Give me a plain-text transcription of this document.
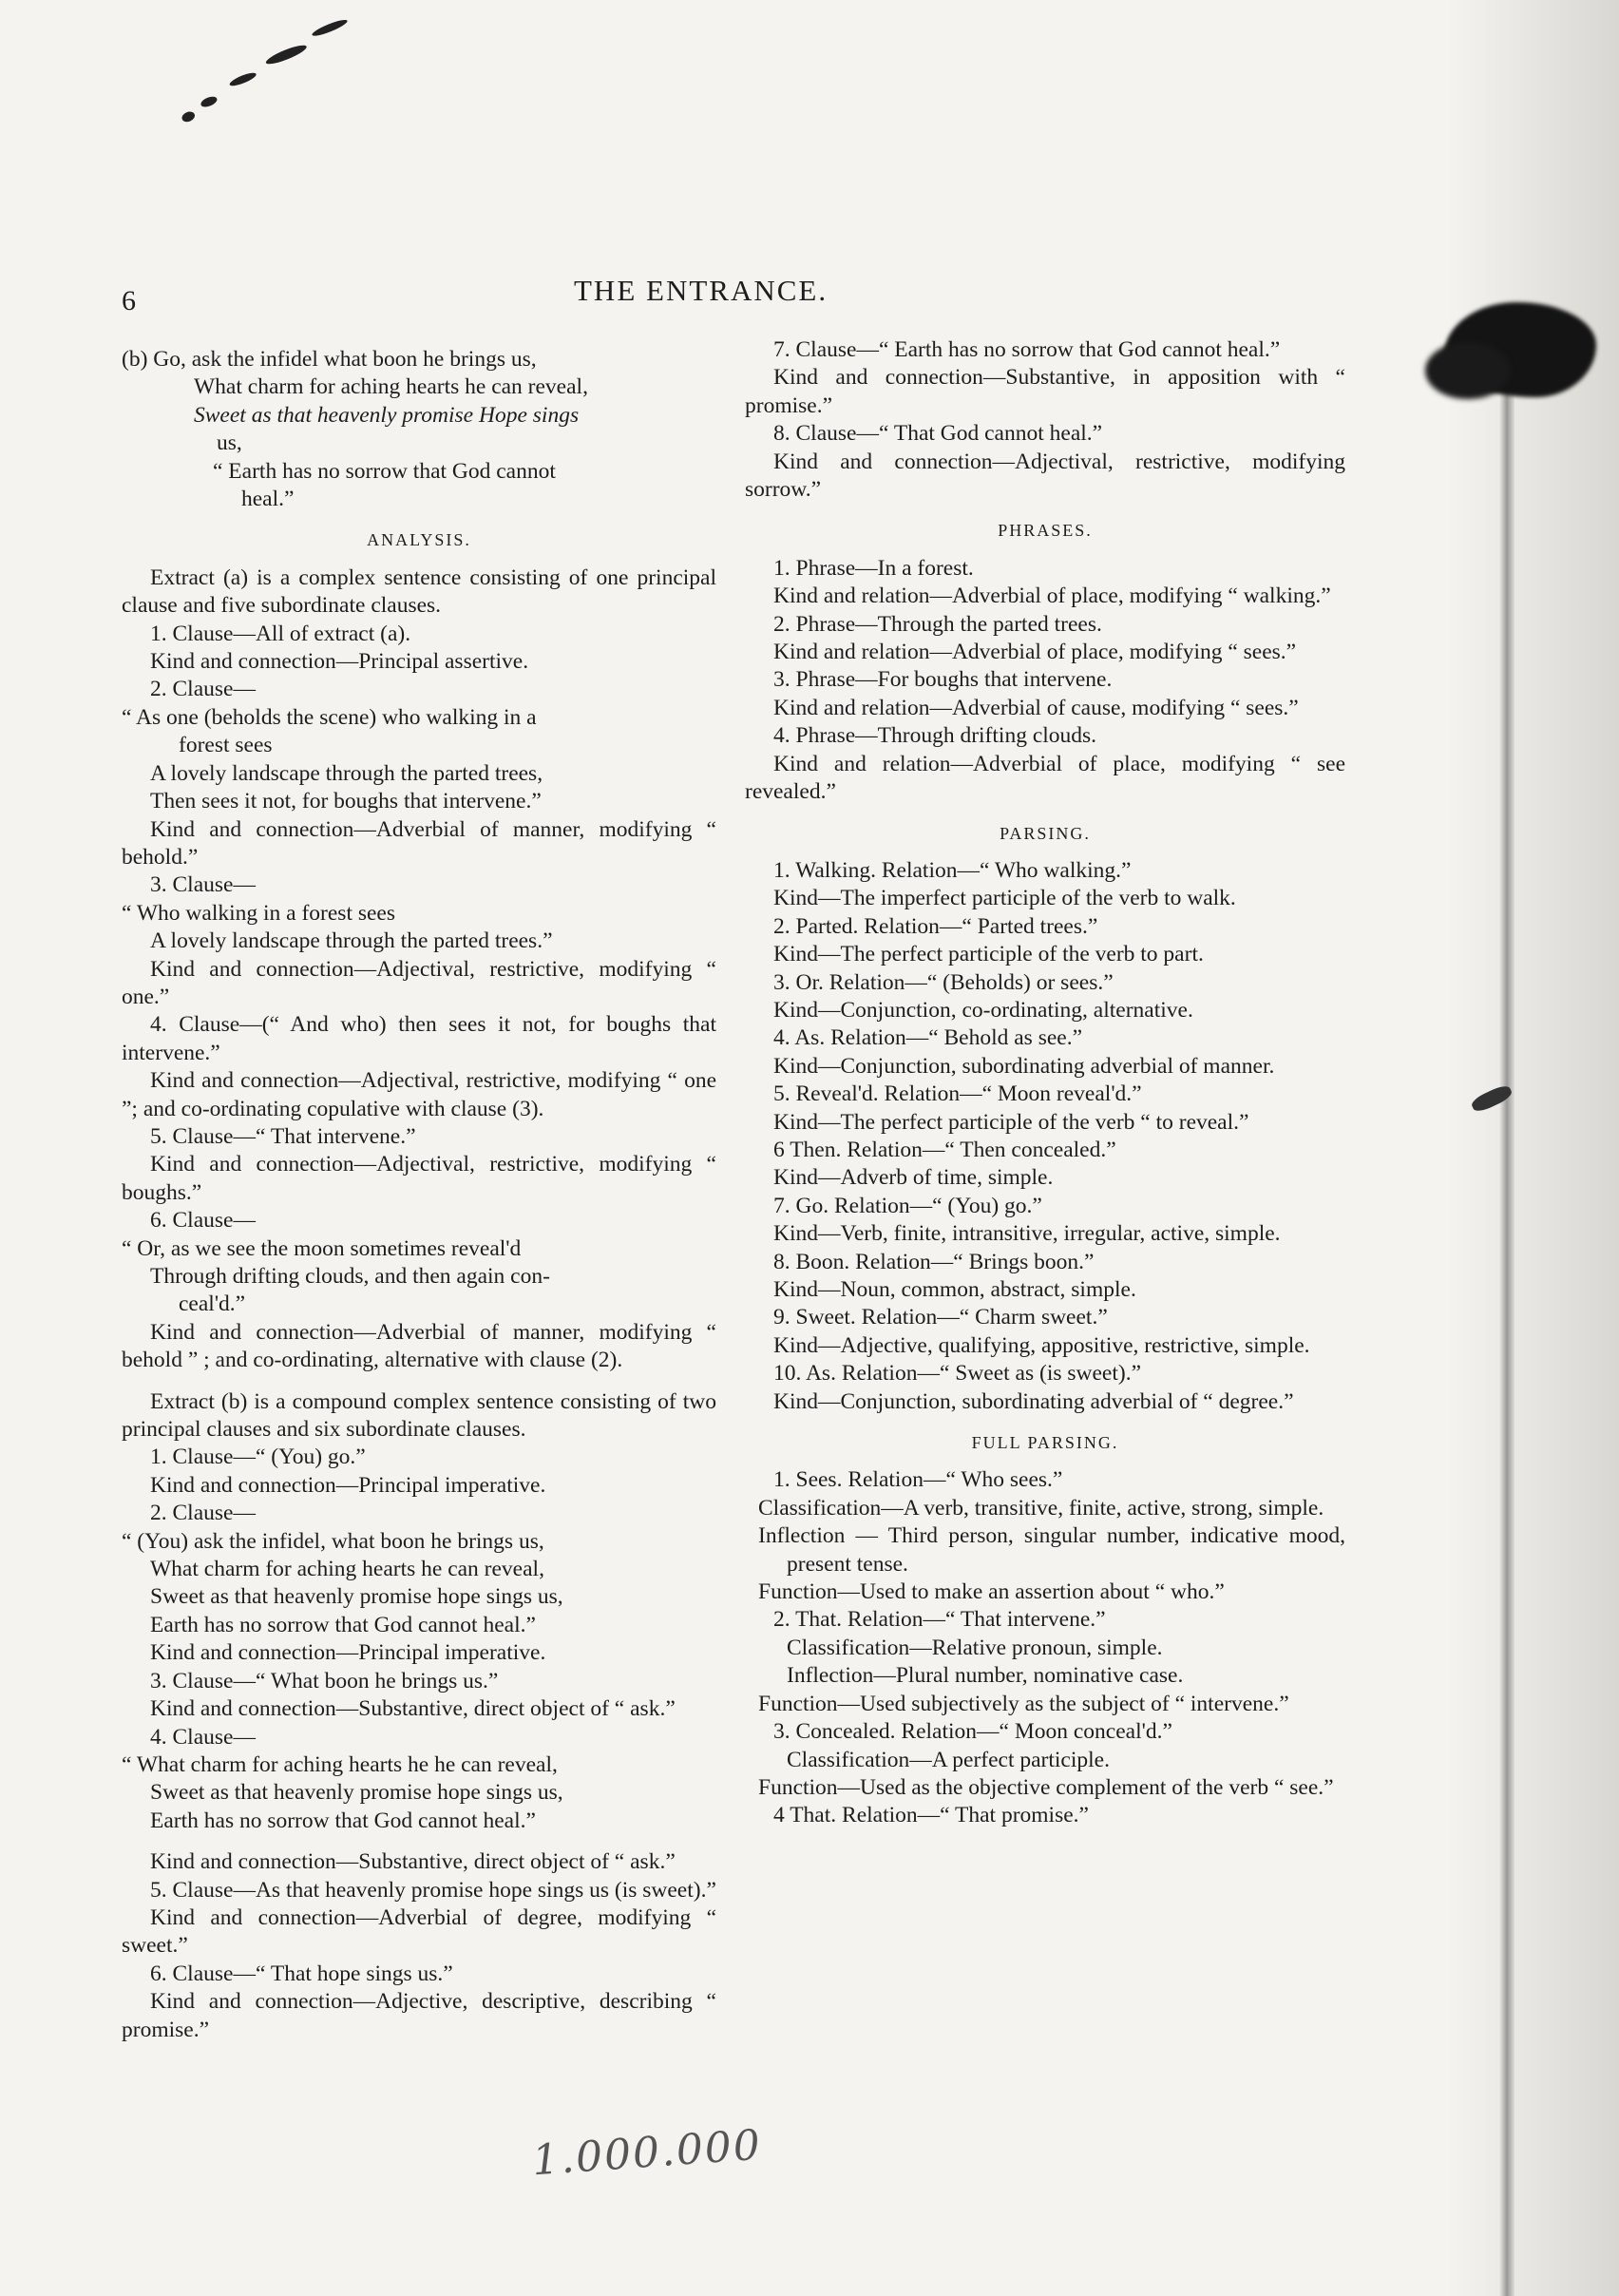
6	THE ENTRANCE.

(b) Go, ask the infidel what boon he brings us,

What charm for aching hearts he can reveal,

Sweet as that heavenly promise Hope sings

us,

“ Earth has no sorrow that God cannot

heal.”

ANALYSIS.

Extract (a) is a complex sentence consisting of one principal clause and five subordinate clauses.

1. Clause—All of extract (a).

Kind and connection—Principal assertive.

2. Clause—

“ As one (beholds the scene) who walking in a

forest sees

A lovely landscape through the parted trees,

Then sees it not, for boughs that intervene.”

Kind and connection—Adverbial of manner, modifying “ behold.”

3. Clause—

“ Who walking in a forest sees

A lovely landscape through the parted trees.”

Kind and connection—Adjectival, restrictive, modifying “ one.”

4. Clause—(“ And who) then sees it not, for boughs that intervene.”

Kind and connection—Adjectival, restrictive, modifying “ one ”; and co-ordinating copulative with clause (3).

5. Clause—“ That intervene.”

Kind and connection—Adjectival, restrictive, modifying “ boughs.”

6. Clause—

“ Or, as we see the moon sometimes reveal'd

Through drifting clouds, and then again con-

ceal'd.”

Kind and connection—Adverbial of manner, modifying “ behold ” ; and co-ordinating, alternative with clause (2).

Extract (b) is a compound complex sentence consisting of two principal clauses and six subordinate clauses.

1. Clause—“ (You) go.”

Kind and connection—Principal imperative.

2. Clause—

“ (You) ask the infidel, what boon he brings us,

What charm for aching hearts he can reveal,

Sweet as that heavenly promise hope sings us,

Earth has no sorrow that God cannot heal.”

Kind and connection—Principal imperative.

3. Clause—“ What boon he brings us.”

Kind and connection—Substantive, direct object of “ ask.”

4. Clause—

“ What charm for aching hearts he he can reveal,

Sweet as that heavenly promise hope sings us,

Earth has no sorrow that God cannot heal.”

Kind and connection—Substantive, direct object of “ ask.”

5. Clause—As that heavenly promise hope sings us (is sweet).”

Kind and connection—Adverbial of degree, modifying “ sweet.”

6. Clause—“ That hope sings us.”

Kind and connection—Adjective, descriptive, describing “ promise.”

7. Clause—“ Earth has no sorrow that God cannot heal.”

Kind and connection—Substantive, in apposition with “ promise.”

8. Clause—“ That God cannot heal.”

Kind and connection—Adjectival, restrictive, modifying sorrow.”

PHRASES.

1. Phrase—In a forest.

Kind and relation—Adverbial of place, modifying “ walking.”

2. Phrase—Through the parted trees.

Kind and relation—Adverbial of place, modifying “ sees.”

3. Phrase—For boughs that intervene.

Kind and relation—Adverbial of cause, modifying “ sees.”

4. Phrase—Through drifting clouds.

Kind and relation—Adverbial of place, modifying “ see revealed.”

PARSING.

1. Walking. Relation—“ Who walking.”

Kind—The imperfect participle of the verb to walk.

2. Parted. Relation—“ Parted trees.”

Kind—The perfect participle of the verb to part.

3. Or. Relation—“ (Beholds) or sees.”

Kind—Conjunction, co-ordinating, alternative.

4. As. Relation—“ Behold as see.”

Kind—Conjunction, subordinating adverbial of manner.

5. Reveal'd. Relation—“ Moon reveal'd.”

Kind—The perfect participle of the verb “ to reveal.”

6 Then. Relation—“ Then concealed.”

Kind—Adverb of time, simple.

7. Go. Relation—“ (You) go.”

Kind—Verb, finite, intransitive, irregular, active, simple.

8. Boon. Relation—“ Brings boon.”

Kind—Noun, common, abstract, simple.

9. Sweet. Relation—“ Charm sweet.”

Kind—Adjective, qualifying, appositive, restrictive, simple.

10. As. Relation—“ Sweet as (is sweet).”

Kind—Conjunction, subordinating adverbial of “ degree.”

FULL PARSING.

1. Sees. Relation—“ Who sees.”

Classification—A verb, transitive, finite, active, strong, simple.

Inflection — Third person, singular number, indicative mood, present tense.

Function—Used to make an assertion about “ who.”

2. That. Relation—“ That intervene.”

Classification—Relative pronoun, simple.

Inflection—Plural number, nominative case.

Function—Used subjectively as the subject of “ intervene.”

3. Concealed. Relation—“ Moon conceal'd.”

Classification—A perfect participle.

Function—Used as the objective complement of the verb “ see.”

4 That. Relation—“ That promise.”

1.000.000
